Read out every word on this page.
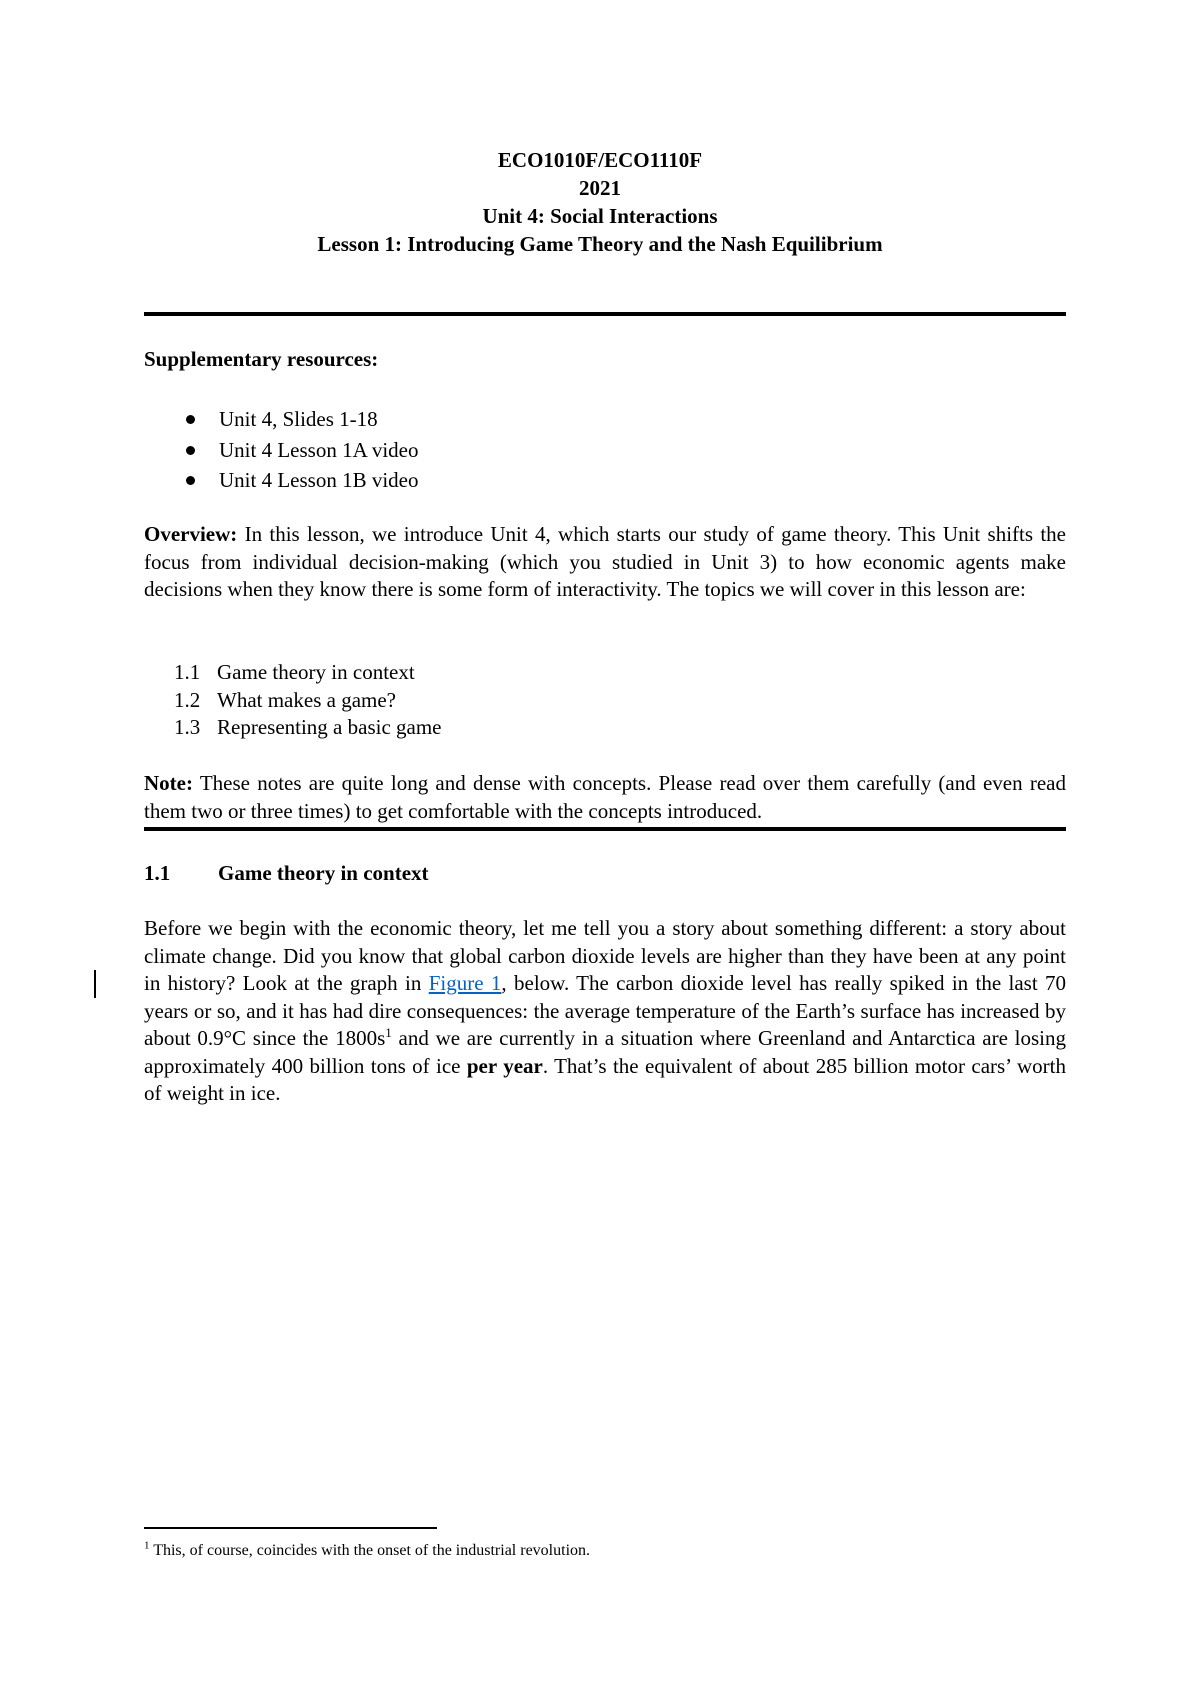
ECO1010F/ECO1110F
2021
Unit 4: Social Interactions
Lesson 1: Introducing Game Theory and the Nash Equilibrium
Supplementary resources:
Unit 4, Slides 1-18
Unit 4 Lesson 1A video
Unit 4 Lesson 1B video
Overview: In this lesson, we introduce Unit 4, which starts our study of game theory. This Unit shifts the focus from individual decision-making (which you studied in Unit 3) to how economic agents make decisions when they know there is some form of interactivity. The topics we will cover in this lesson are:
1.1 Game theory in context
1.2 What makes a game?
1.3 Representing a basic game
Note: These notes are quite long and dense with concepts. Please read over them carefully (and even read them two or three times) to get comfortable with the concepts introduced.
1.1 Game theory in context
Before we begin with the economic theory, let me tell you a story about something different: a story about climate change. Did you know that global carbon dioxide levels are higher than they have been at any point in history? Look at the graph in Figure 1, below. The carbon dioxide level has really spiked in the last 70 years or so, and it has had dire consequences: the average temperature of the Earth’s surface has increased by about 0.9°C since the 1800s$^1$ and we are currently in a situation where Greenland and Antarctica are losing approximately 400 billion tons of ice per year. That’s the equivalent of about 285 billion motor cars’ worth of weight in ice.
$^1$ This, of course, coincides with the onset of the industrial revolution.
